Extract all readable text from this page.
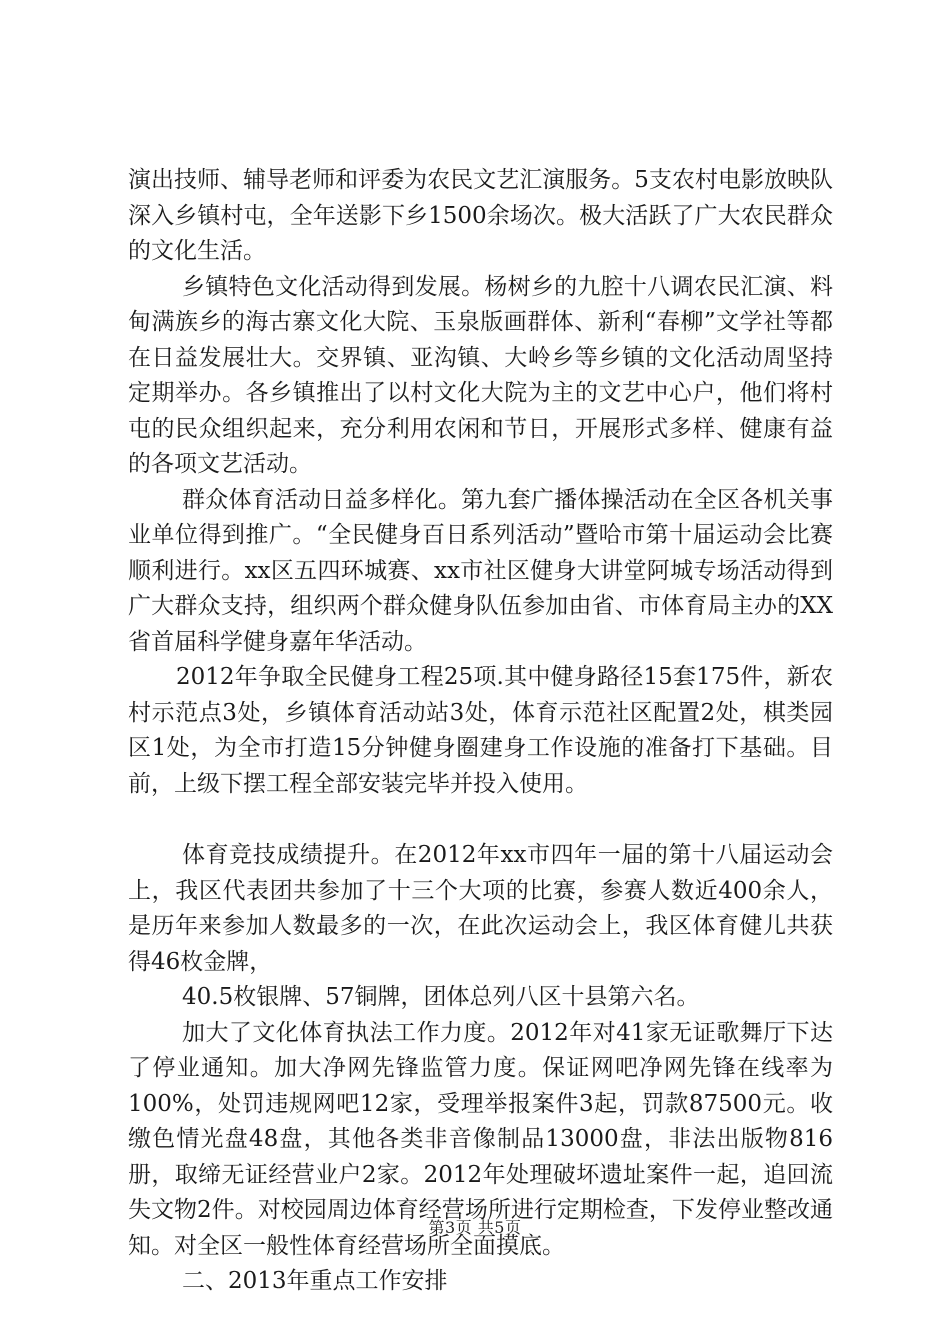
演出技师、辅导老师和评委为农民文艺汇演服务。5支农村电影放映队深入乡镇村屯，全年送影下乡1500余场次。极大活跃了广大农民群众的文化生活。

乡镇特色文化活动得到发展。杨树乡的九腔十八调农民汇演、料甸满族乡的海古寨文化大院、玉泉版画群体、新利“春柳”文学社等都在日益发展壮大。交界镇、亚沟镇、大岭乡等乡镇的文化活动周坚持定期举办。各乡镇推出了以村文化大院为主的文艺中心户，他们将村屯的民众组织起来，充分利用农闲和节日，开展形式多样、健康有益的各项文艺活动。

群众体育活动日益多样化。第九套广播体操活动在全区各机关事业单位得到推广。“全民健身百日系列活动”暨哈市第十届运动会比赛顺利进行。xx区五四环城赛、xx市社区健身大讲堂阿城专场活动得到广大群众支持，组织两个群众健身队伍参加由省、市体育局主办的XX省首届科学健身嘉年华活动。

2012年争取全民健身工程25项.其中健身路径15套175件，新农村示范点3处，乡镇体育活动站3处，体育示范社区配置2处，棋类园区1处，为全市打造15分钟健身圈建身工作设施的准备打下基础。目前，上级下摆工程全部安装完毕并投入使用。

体育竞技成绩提升。在2012年xx市四年一届的第十八届运动会上，我区代表团共参加了十三个大项的比赛，参赛人数近400余人，是历年来参加人数最多的一次，在此次运动会上，我区体育健儿共获得46枚金牌，

40.5枚银牌、57铜牌，团体总列八区十县第六名。

加大了文化体育执法工作力度。2012年对41家无证歌舞厅下达了停业通知。加大净网先锋监管力度。保证网吧净网先锋在线率为100%，处罚违规网吧12家，受理举报案件3起，罚款87500元。收缴色情光盘48盘，其他各类非音像制品13000盘，非法出版物816册，取缔无证经营业户2家。2012年处理破坏遗址案件一起，追回流失文物2件。对校园周边体育经营场所进行定期检查，下发停业整改通知。对全区一般性体育经营场所全面摸底。

二、2013年重点工作安排

第3页 共5页
